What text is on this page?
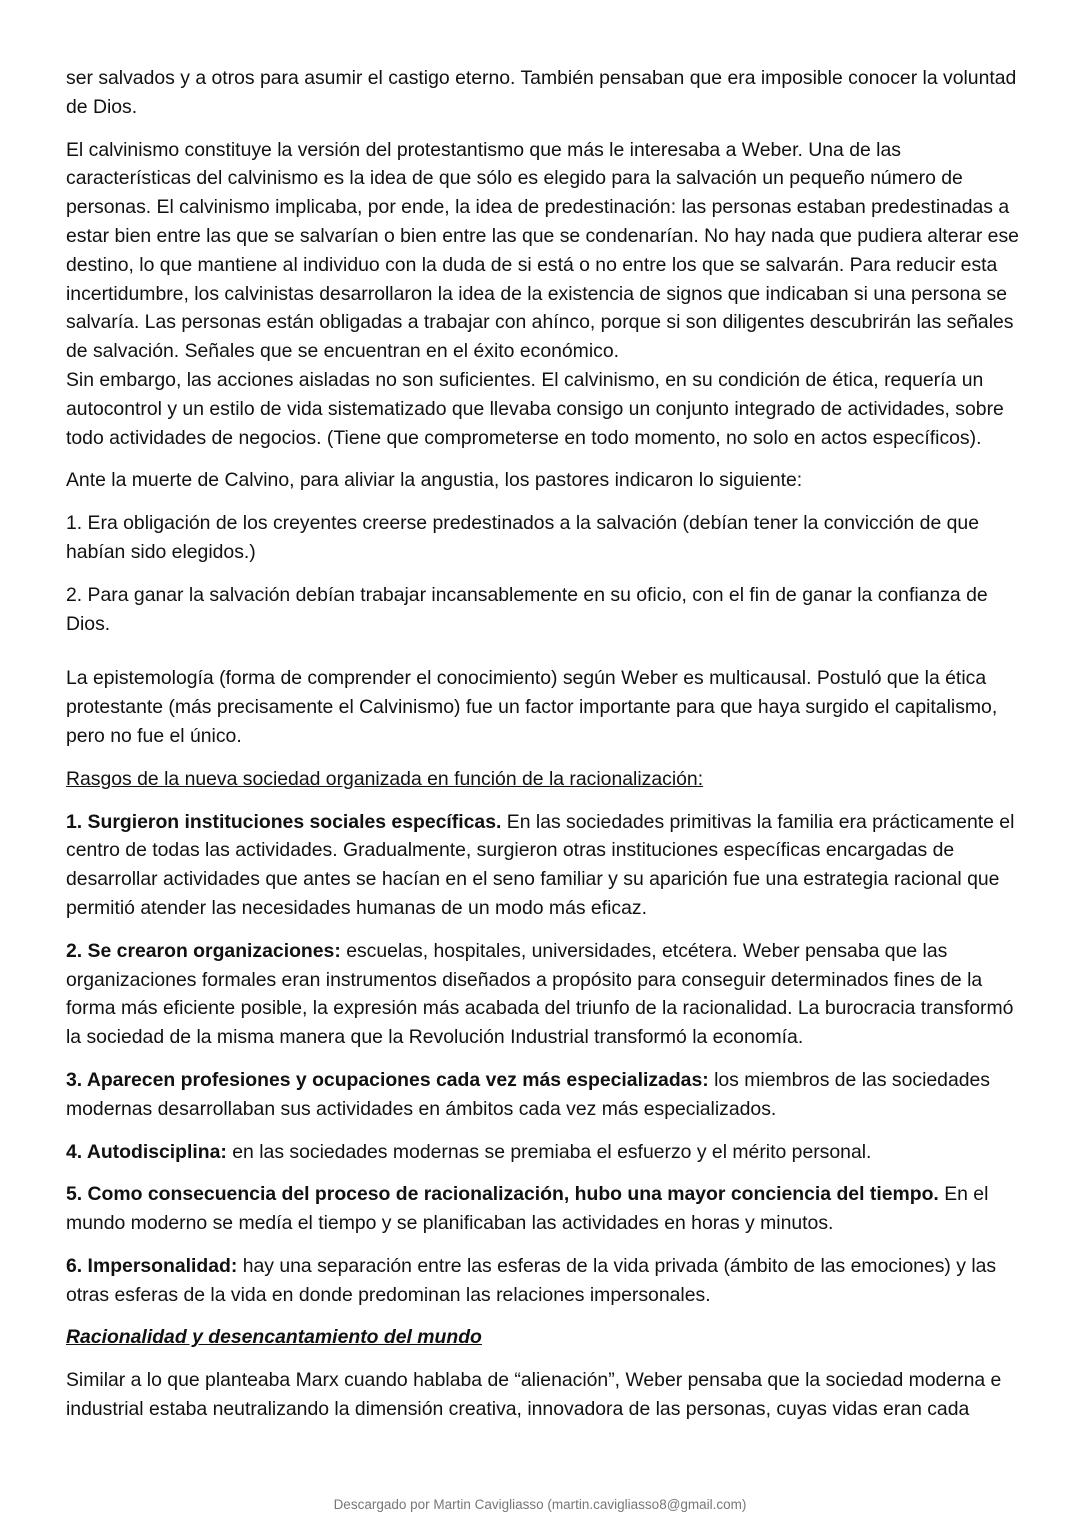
ser salvados y a otros para asumir el castigo eterno. También pensaban que era imposible conocer la voluntad de Dios.

El calvinismo constituye la versión del protestantismo que más le interesaba a Weber. Una de las características del calvinismo es la idea de que sólo es elegido para la salvación un pequeño número de personas. El calvinismo implicaba, por ende, la idea de predestinación: las personas estaban predestinadas a estar bien entre las que se salvarían o bien entre las que se condenarían. No hay nada que pudiera alterar ese destino, lo que mantiene al individuo con la duda de si está o no entre los que se salvarán. Para reducir esta incertidumbre, los calvinistas desarrollaron la idea de la existencia de signos que indicaban si una persona se salvaría. Las personas están obligadas a trabajar con ahínco, porque si son diligentes descubrirán las señales de salvación. Señales que se encuentran en el éxito económico.

Sin embargo, las acciones aisladas no son suficientes. El calvinismo, en su condición de ética, requería un autocontrol y un estilo de vida sistematizado que llevaba consigo un conjunto integrado de actividades, sobre todo actividades de negocios. (Tiene que comprometerse en todo momento, no solo en actos específicos).

Ante la muerte de Calvino, para aliviar la angustia, los pastores indicaron lo siguiente:

1. Era obligación de los creyentes creerse predestinados a la salvación (debían tener la convicción de que habían sido elegidos.)

2. Para ganar la salvación debían trabajar incansablemente en su oficio, con el fin de ganar la confianza de Dios.

La epistemología (forma de comprender el conocimiento) según Weber es multicausal. Postuló que la ética protestante (más precisamente el Calvinismo) fue un factor importante para que haya surgido el capitalismo, pero no fue el único.

Rasgos de la nueva sociedad organizada en función de la racionalización:

1. Surgieron instituciones sociales específicas. En las sociedades primitivas la familia era prácticamente el centro de todas las actividades. Gradualmente, surgieron otras instituciones específicas encargadas de desarrollar actividades que antes se hacían en el seno familiar y su aparición fue una estrategia racional que permitió atender las necesidades humanas de un modo más eficaz.

2. Se crearon organizaciones: escuelas, hospitales, universidades, etcétera. Weber pensaba que las organizaciones formales eran instrumentos diseñados a propósito para conseguir determinados fines de la forma más eficiente posible, la expresión más acabada del triunfo de la racionalidad. La burocracia transformó la sociedad de la misma manera que la Revolución Industrial transformó la economía.

3. Aparecen profesiones y ocupaciones cada vez más especializadas: los miembros de las sociedades modernas desarrollaban sus actividades en ámbitos cada vez más especializados.

4. Autodisciplina: en las sociedades modernas se premiaba el esfuerzo y el mérito personal.

5. Como consecuencia del proceso de racionalización, hubo una mayor conciencia del tiempo. En el mundo moderno se medía el tiempo y se planificaban las actividades en horas y minutos.

6. Impersonalidad: hay una separación entre las esferas de la vida privada (ámbito de las emociones) y las otras esferas de la vida en donde predominan las relaciones impersonales.

Racionalidad y desencantamiento del mundo

Similar a lo que planteaba Marx cuando hablaba de “alienación”, Weber pensaba que la sociedad moderna e industrial estaba neutralizando la dimensión creativa, innovadora de las personas, cuyas vidas eran cada

Descargado por Martin Cavigliasso (martin.cavigliasso8@gmail.com)
